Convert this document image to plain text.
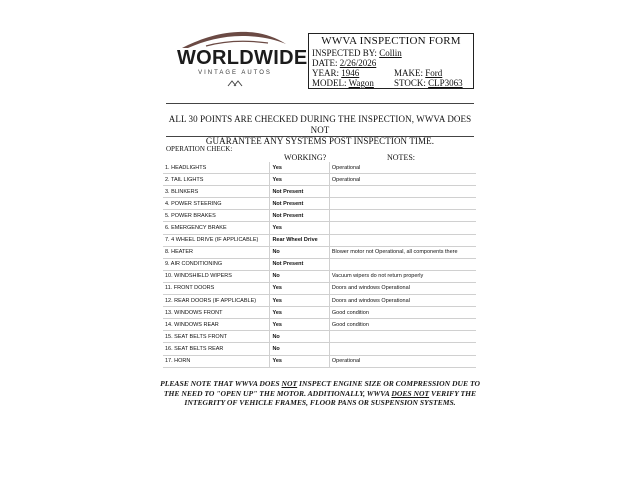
WORLDWIDE
VINTAGE AUTOS
WWVA INSPECTION FORM
INSPECTED BY: Collin
DATE: 2/26/2026
YEAR: 1946	MAKE: Ford
MODEL: Wagon STOCK: CLP3063
ALL 30 POINTS ARE CHECKED DURING THE INSPECTION, WWVA DOES NOT
GUARANTEE ANY SYSTEMS POST INSPECTION TIME.
OPERATION CHECK:
WORKING?	NOTES:
1. HEADLIGHTS	Yes	Operational
2. TAIL LIGHTS	Yes	Operational
3. BLINKERS	Not Present	
4. POWER STEERING	Not Present	
5. POWER BRAKES	Not Present	
6. EMERGENCY BRAKE	Yes	
7. 4 WHEEL DRIVE (IF APPLICABLE)	Rear Wheel Drive	
8. HEATER	No	Blower motor not Operational, all components there
9. AIR CONDITIONING	Not Present	
10. WINDSHIELD WIPERS	No	Vacuum wipers do not return properly
11. FRONT DOORS	Yes	Doors and windows Operational
12. REAR DOORS (IF APPLICABLE)	Yes	Doors and windows Operational
13. WINDOWS FRONT	Yes	Good condition
14. WINDOWS REAR	Yes	Good condition
15. SEAT BELTS FRONT	No	
16. SEAT BELTS REAR	No	
17. HORN	Yes	Operational
PLEASE NOTE THAT WWVA DOES NOT INSPECT ENGINE SIZE OR COMPRESSION DUE TO
THE NEED TO "OPEN UP" THE MOTOR. ADDITIONALLY, WWVA DOES NOT VERIFY THE
INTEGRITY OF VEHICLE FRAMES, FLOOR PANS OR SUSPENSION SYSTEMS.
